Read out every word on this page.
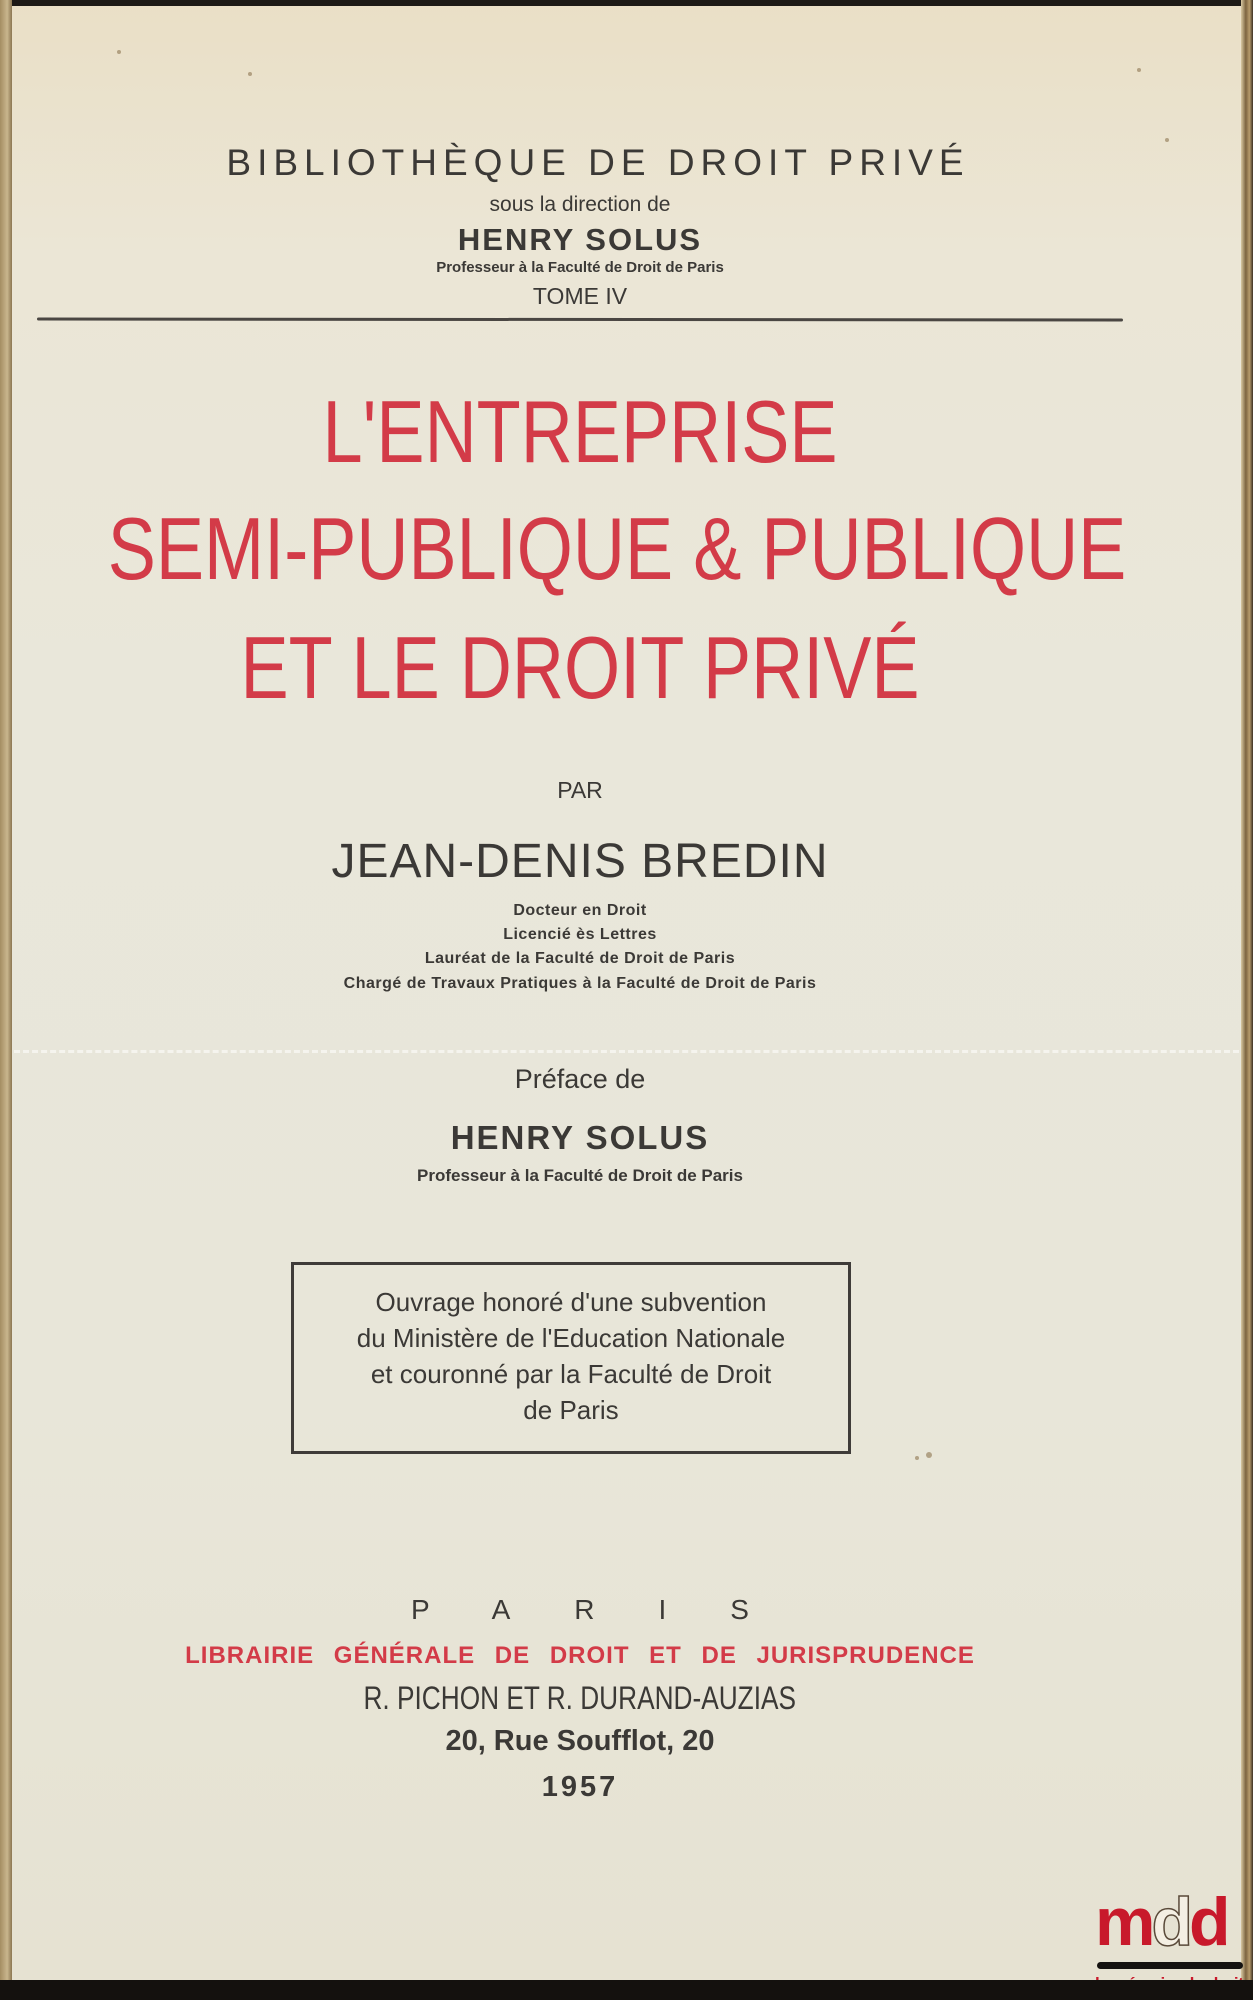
BIBLIOTHÈQUE DE DROIT PRIVÉ
sous la direction de
HENRY SOLUS
Professeur à la Faculté de Droit de Paris
TOME IV
L'ENTREPRISE
SEMI-PUBLIQUE & PUBLIQUE
ET LE DROIT PRIVÉ
PAR
JEAN-DENIS BREDIN
Docteur en Droit
Licencié ès Lettres
Lauréat de la Faculté de Droit de Paris
Chargé de Travaux Pratiques à la Faculté de Droit de Paris
Préface de
HENRY SOLUS
Professeur à la Faculté de Droit de Paris
Ouvrage honoré d'une subvention
du Ministère de l'Education Nationale
et couronné par la Faculté de Droit
de Paris
PARIS
LIBRAIRIE GÉNÉRALE DE DROIT ET DE JURISPRUDENCE
R. PICHON ET R. DURAND-AUZIAS
20, Rue Soufflot, 20
1957
mdd
